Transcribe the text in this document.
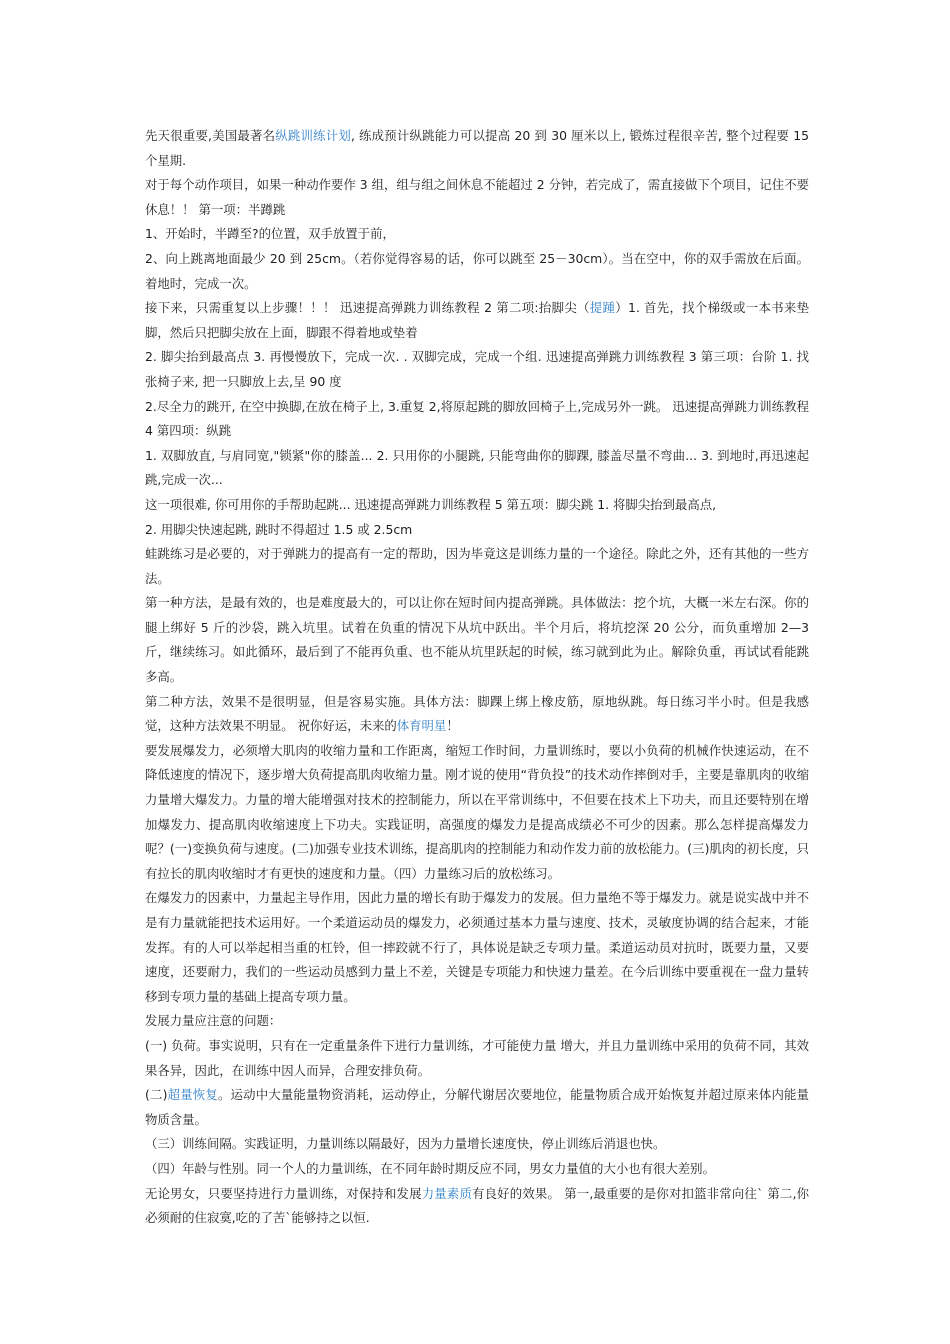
先天很重要,美国最著名纵跳训练计划, 练成预计纵跳能力可以提高 20 到 30 厘米以上, 锻炼过程很辛苦, 整个过程要 15 个星期.

对于每个动作项目，如果一种动作要作 3 组，组与组之间休息不能超过 2 分钟，若完成了，需直接做下个项目，记住不要休息！！ 第一项：半蹲跳

1、开始时，半蹲至?的位置，双手放置于前，

2、向上跳离地面最少 20 到 25cm。（若你觉得容易的话，你可以跳至 25－30cm）。当在空中，你的双手需放在后面。着地时，完成一次。

接下来，只需重复以上步骤！！！ 迅速提高弹跳力训练教程 2 第二项:抬脚尖（提踵）1. 首先，找个梯级或一本书来垫脚，然后只把脚尖放在上面，脚跟不得着地或垫着

2. 脚尖抬到最高点 3. 再慢慢放下，完成一次. . 双脚完成，完成一个组. 迅速提高弹跳力训练教程 3 第三项：台阶 1. 找张椅子来, 把一只脚放上去,呈 90 度

2.尽全力的跳开, 在空中换脚,在放在椅子上, 3.重复 2,将原起跳的脚放回椅子上,完成另外一跳。 迅速提高弹跳力训练教程 4 第四项：纵跳

1. 双脚放直, 与肩同宽,"锁紧"你的膝盖... 2. 只用你的小腿跳, 只能弯曲你的脚踝, 膝盖尽量不弯曲... 3. 到地时,再迅速起跳,完成一次...

这一项很难, 你可用你的手帮助起跳... 迅速提高弹跳力训练教程 5 第五项：脚尖跳 1. 将脚尖抬到最高点,

2. 用脚尖快速起跳, 跳时不得超过 1.5 或 2.5cm

蛙跳练习是必要的，对于弹跳力的提高有一定的帮助，因为毕竟这是训练力量的一个途径。除此之外，还有其他的一些方法。

第一种方法，是最有效的，也是难度最大的，可以让你在短时间内提高弹跳。具体做法：挖个坑，大概一米左右深。你的腿上绑好 5 斤的沙袋，跳入坑里。试着在负重的情况下从坑中跃出。半个月后，将坑挖深 20 公分，而负重增加 2—3 斤，继续练习。如此循环，最后到了不能再负重、也不能从坑里跃起的时候，练习就到此为止。解除负重，再试试看能跳多高。

第二种方法，效果不是很明显，但是容易实施。具体方法：脚踝上绑上橡皮筋，原地纵跳。每日练习半小时。但是我感觉，这种方法效果不明显。 祝你好运，未来的体育明星！

要发展爆发力，必须增大肌肉的收缩力量和工作距离，缩短工作时间，力量训练时，要以小负荷的机械作快速运动，在不降低速度的情况下，逐步增大负荷提高肌肉收缩力量。刚才说的使用“背负投”的技术动作摔倒对手，主要是靠肌肉的收缩力量增大爆发力。力量的增大能增强对技术的控制能力，所以在平常训练中，不但要在技术上下功夫，而且还要特别在增加爆发力、提高肌肉收缩速度上下功夫。实践证明，高强度的爆发力是提高成绩必不可少的因素。那么怎样提高爆发力呢？(一)变换负荷与速度。(二)加强专业技术训练，提高肌肉的控制能力和动作发力前的放松能力。(三)肌肉的初长度，只有拉长的肌肉收缩时才有更快的速度和力量。（四）力量练习后的放松练习。

在爆发力的因素中，力量起主导作用，因此力量的增长有助于爆发力的发展。但力量绝不等于爆发力。就是说实战中并不是有力量就能把技术运用好。一个柔道运动员的爆发力，必须通过基本力量与速度、技术，灵敏度协调的结合起来，才能发挥。有的人可以举起相当重的杠铃，但一摔跤就不行了，具体说是缺乏专项力量。柔道运动员对抗时，既要力量，又要速度，还要耐力，我们的一些运动员感到力量上不差，关键是专项能力和快速力量差。在今后训练中要重视在一盘力量转移到专项力量的基础上提高专项力量。

发展力量应注意的问题：

(一) 负荷。事实说明，只有在一定重量条件下进行力量训练，才可能使力量 增大，并且力量训练中采用的负荷不同，其效果各异，因此，在训练中因人而异，合理安排负荷。

(二)超量恢复。运动中大量能量物资消耗，运动停止，分解代谢居次要地位，能量物质合成开始恢复并超过原来体内能量物质含量。

（三）训练间隔。实践证明，力量训练以隔最好，因为力量增长速度快，停止训练后消退也快。

（四）年龄与性别。同一个人的力量训练，在不同年龄时期反应不同，男女力量值的大小也有很大差别。

无论男女，只要坚持进行力量训练，对保持和发展力量素质有良好的效果。 第一,最重要的是你对扣篮非常向往` 第二,你必须耐的住寂寞,吃的了苦`能够持之以恒.
